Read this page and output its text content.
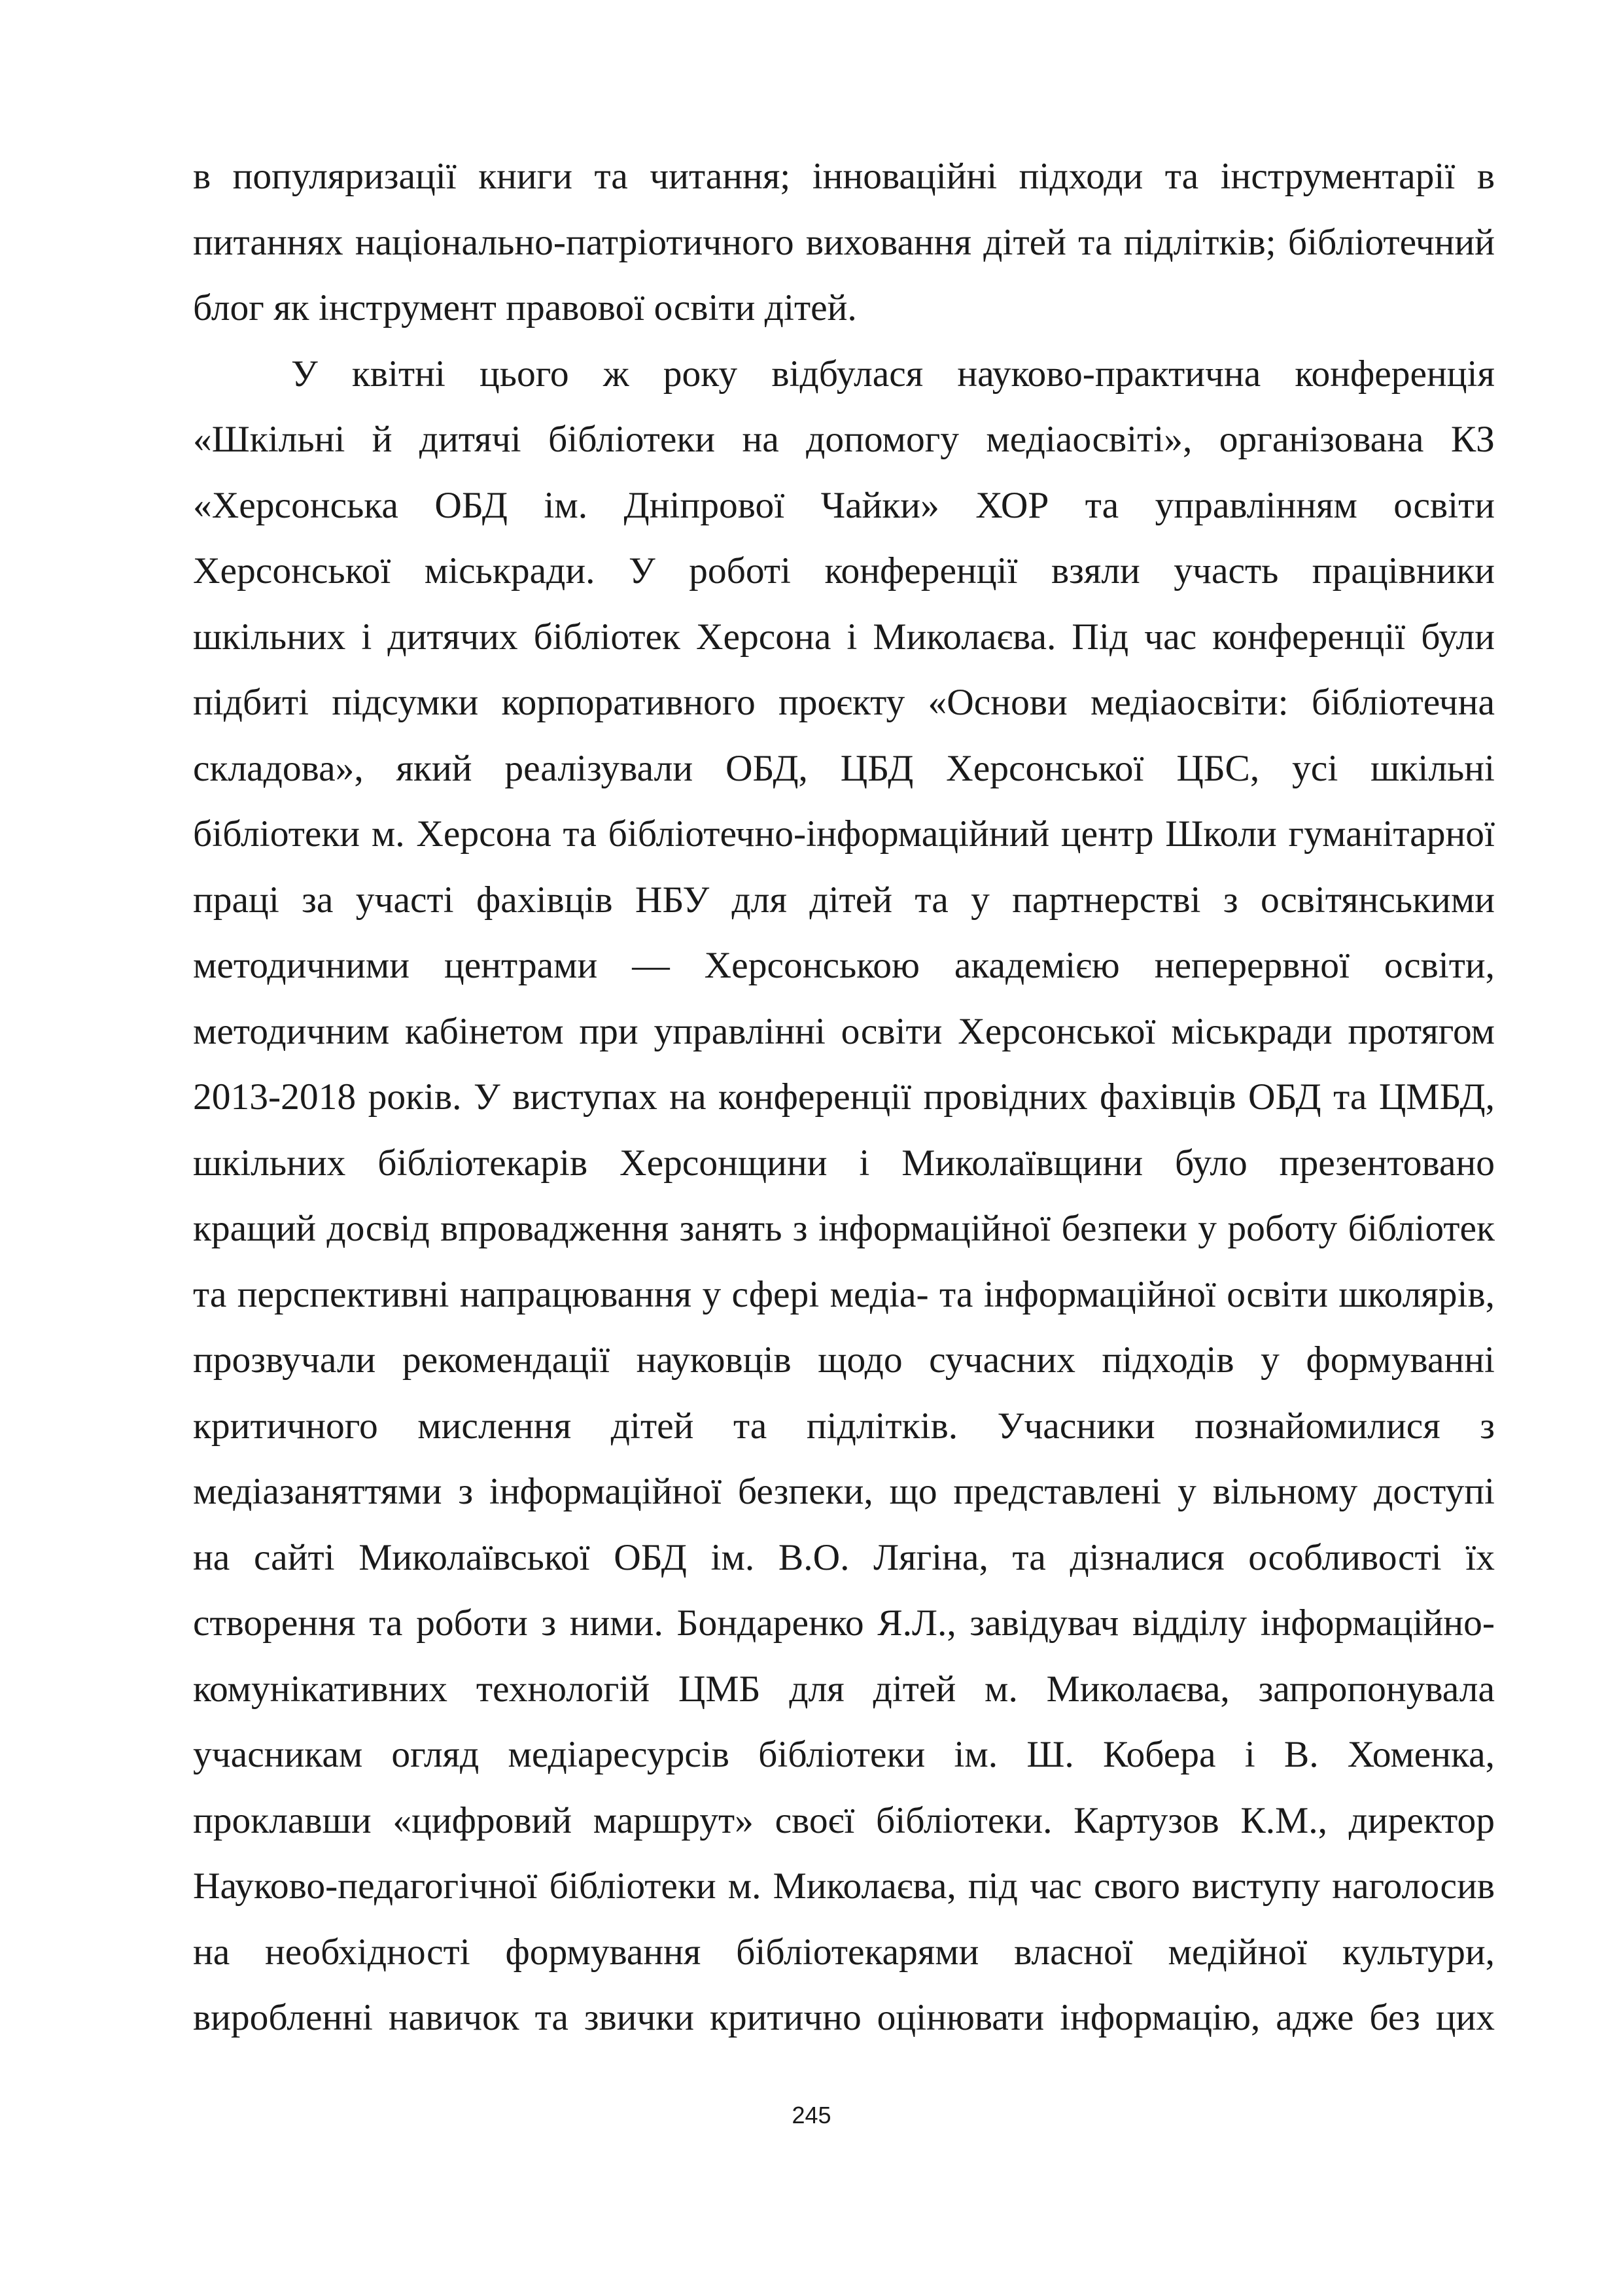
в популяризації книги та читання; інноваційні підходи та інструментарії в
питаннях національно-патріотичного виховання дітей та підлітків; бібліотечний
блог як інструмент правової освіти дітей.
У квітні цього ж року відбулася науково-практична конференція
«Шкільні й дитячі бібліотеки на допомогу медіаосвіті», організована КЗ
«Херсонська ОБД ім. Дніпрової Чайки» ХОР та управлінням освіти
Херсонської міськради. У роботі конференції взяли участь працівники
шкільних і дитячих бібліотек Херсона і Миколаєва. Під час конференції були
підбиті підсумки корпоративного проєкту «Основи медіаосвіти: бібліотечна
складова», який реалізували ОБД, ЦБД Херсонської ЦБС, усі шкільні
бібліотеки м. Херсона та бібліотечно-інформаційний центр Школи гуманітарної
праці за участі фахівців НБУ для дітей та у партнерстві з освітянськими
методичними центрами — Херсонською академією неперервної освіти,
методичним кабінетом при управлінні освіти Херсонської міськради протягом
2013-2018 років. У виступах на конференції провідних фахівців ОБД та ЦМБД,
шкільних бібліотекарів Херсонщини і Миколаївщини було презентовано
кращий досвід впровадження занять з інформаційної безпеки у роботу бібліотек
та перспективні напрацювання у сфері медіа- та інформаційної освіти школярів,
прозвучали рекомендації науковців щодо сучасних підходів у формуванні
критичного мислення дітей та підлітків. Учасники познайомилися з
медіазаняттями з інформаційної безпеки, що представлені у вільному доступі
на сайті Миколаївської ОБД ім. В.О. Лягіна, та дізналися особливості їх
створення та роботи з ними. Бондаренко Я.Л., завідувач відділу інформаційно-
комунікативних технологій ЦМБ для дітей м. Миколаєва, запропонувала
учасникам огляд медіаресурсів бібліотеки ім. Ш. Кобера і В. Хоменка,
проклавши «цифровий маршрут» своєї бібліотеки. Картузов К.М., директор
Науково-педагогічної бібліотеки м. Миколаєва, під час свого виступу наголосив
на необхідності формування бібліотекарями власної медійної культури,
виробленні навичок та звички критично оцінювати інформацію, адже без цих
245
